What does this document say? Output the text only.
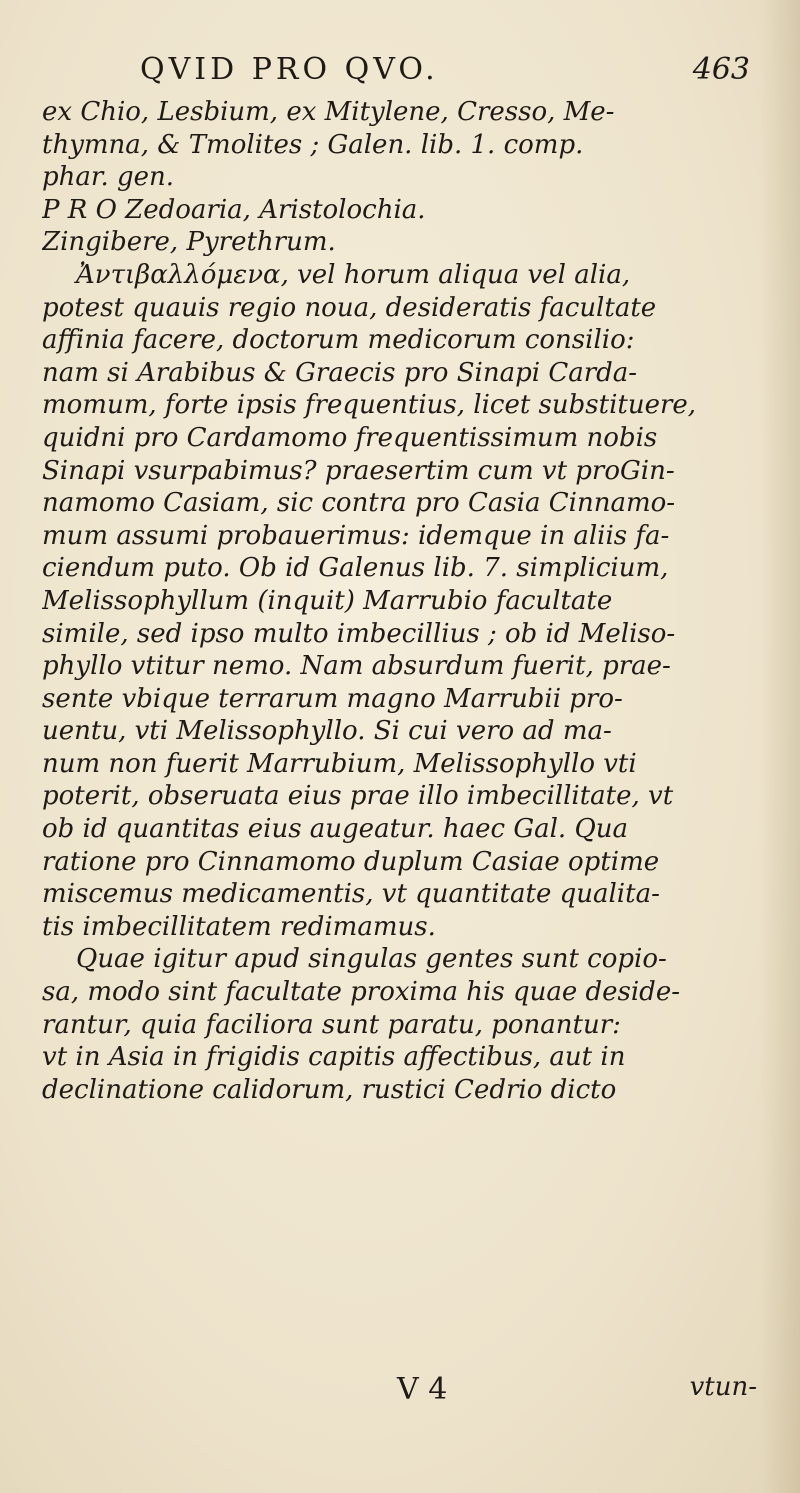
QVID PRO QVO.	463
ex Chio, Lesbium, ex Mitylene, Cresso, Me-
thymna, & Tmolites ; Galen. lib. 1. comp.
phar. gen.
P R O Zedoaria, Aristolochia.
Zingibere, Pyrethrum.
Ἀντιβαλλόμενα, vel horum aliqua vel alia,
potest quauis regio noua, desideratis facultate
affinia facere, doctorum medicorum consilio:
nam si Arabibus & Graecis pro Sinapi Carda-
momum, forte ipsis frequentius, licet substituere,
quidni pro Cardamomo frequentissimum nobis
Sinapi vsurpabimus? praesertim cum vt proGin-
namomo Casiam, sic contra pro Casia Cinnamo-
mum assumi probauerimus: idemque in aliis fa-
ciendum puto. Ob id Galenus lib. 7. simplicium,
Melissophyllum (inquit) Marrubio facultate
simile, sed ipso multo imbecillius ; ob id Meliso-
phyllo vtitur nemo. Nam absurdum fuerit, prae-
sente vbique terrarum magno Marrubii pro-
uentu, vti Melissophyllo. Si cui vero ad ma-
num non fuerit Marrubium, Melissophyllo vti
poterit, obseruata eius prae illo imbecillitate, vt
ob id quantitas eius augeatur. haec Gal. Qua
ratione pro Cinnamomo duplum Casiae optime
miscemus medicamentis, vt quantitate qualita-
tis imbecillitatem redimamus.
Quae igitur apud singulas gentes sunt copio-
sa, modo sint facultate proxima his quae deside-
rantur, quia faciliora sunt paratu, ponantur:
vt in Asia in frigidis capitis affectibus, aut in
declinatione calidorum, rustici Cedrio dicto
V 4	vtun-
